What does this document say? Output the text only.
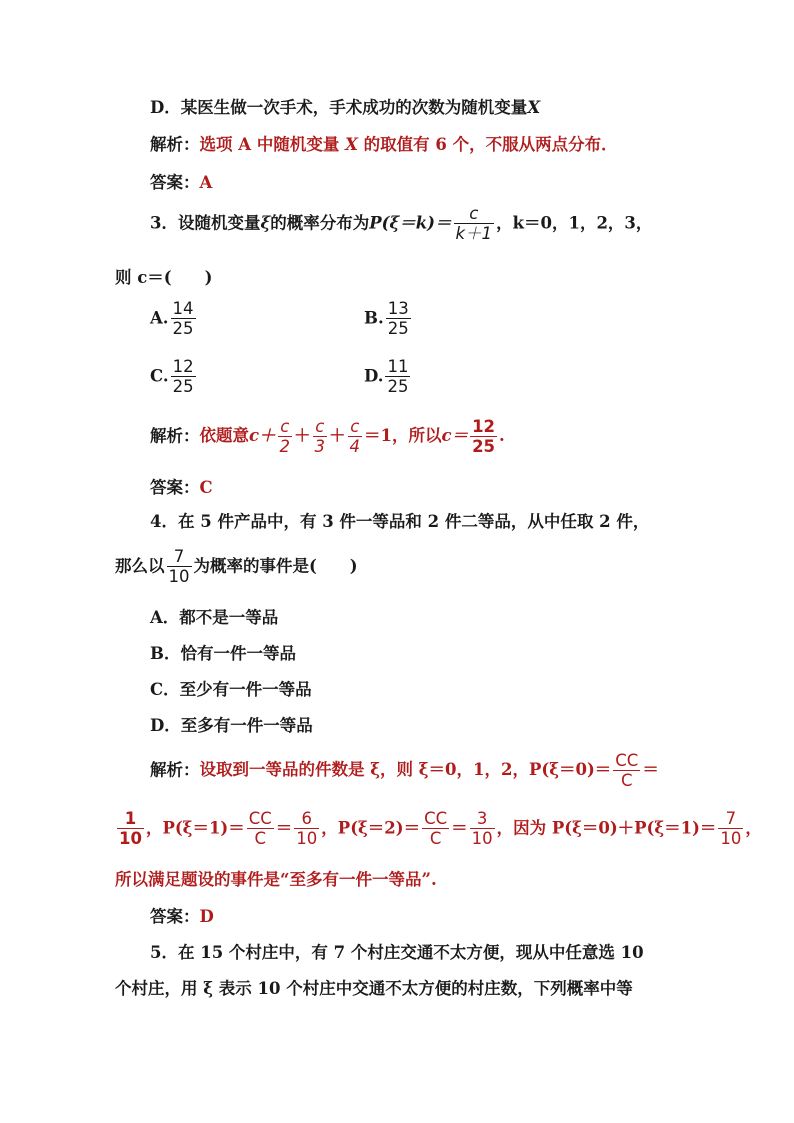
D．某医生做一次手术，手术成功的次数为随机变量X
解析：选项 A 中随机变量 X 的取值有 6 个，不服从两点分布．
答案：A
3．设随机变量ξ的概率分布为$P(\xi=k)= \frac{c}{k+1}$ ，k＝0，1，2，3，
则 c＝(　　)
A. $\frac{14}{25}$	B. $\frac{13}{25}$
C. $\frac{12}{25}$	D. $\frac{11}{25}$
解析：依题意$c+ \frac{c}{2} + \frac{c}{3} + \frac{c}{4} =1$，所以$c= \frac{12}{25}$ .
答案：C
4．在 5 件产品中，有 3 件一等品和 2 件二等品，从中任取 2 件，
那么以 $\frac{7}{10}$ 为概率的事件是(　　)
A．都不是一等品
B．恰有一件一等品
C．至少有一件一等品
D．至多有一件一等品
解析：设取到一等品的件数是 ξ，则 ξ＝0，1，2，$P(\xi=0)= \frac{CC}{C}$ ＝
$\frac{1}{10}$ ，$P(\xi=1)= \frac{CC}{C} = \frac{6}{10}$ ，$P(\xi=2)= \frac{CC}{C} = \frac{3}{10}$ ，因为 $P(\xi=0)+P(\xi=1)= \frac{7}{10}$ ，
所以满足题设的事件是“至多有一件一等品”.
答案：D
5．在 15 个村庄中，有 7 个村庄交通不太方便，现从中任意选 10
个村庄，用 ξ 表示 10 个村庄中交通不太方便的村庄数，下列概率中等
